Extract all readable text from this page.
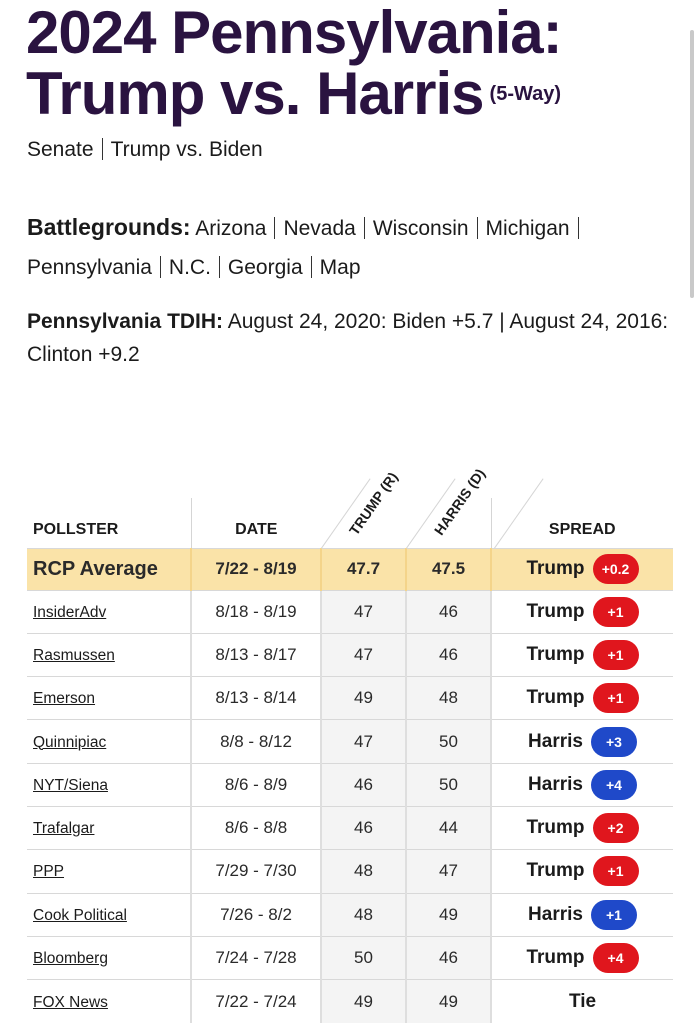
2024 Pennsylvania:
Trump vs. Harris $^{(5-Way)}$
Senate Trump vs. Biden
Battlegrounds: Arizona Nevada Wisconsin Michigan
Pennsylvania N.C. Georgia Map
Pennsylvania TDIH: August 24, 2020: Biden +5.7 | August 24, 2016: Clinton +9.2
POLLSTER	DATE	TRUMP (R)	HARRIS (D)	SPREAD
RCP Average	7/22 - 8/19	47.7	47.5	Trump +0.2

InsiderAdv	8/18 - 8/19	47	46	Trump +1

Rasmussen	8/13 - 8/17	47	46	Trump +1

Emerson	8/13 - 8/14	49	48	Trump +1

Quinnipiac	8/8 - 8/12	47	50	Harris +3

NYT/Siena	8/6 - 8/9	46	50	Harris +4

Trafalgar	8/6 - 8/8	46	44	Trump +2

PPP	7/29 - 7/30	48	47	Trump +1

Cook Political	7/26 - 8/2	48	49	Harris +1

Bloomberg	7/24 - 7/28	50	46	Trump +4

FOX News	7/22 - 7/24	49	49	Tie
